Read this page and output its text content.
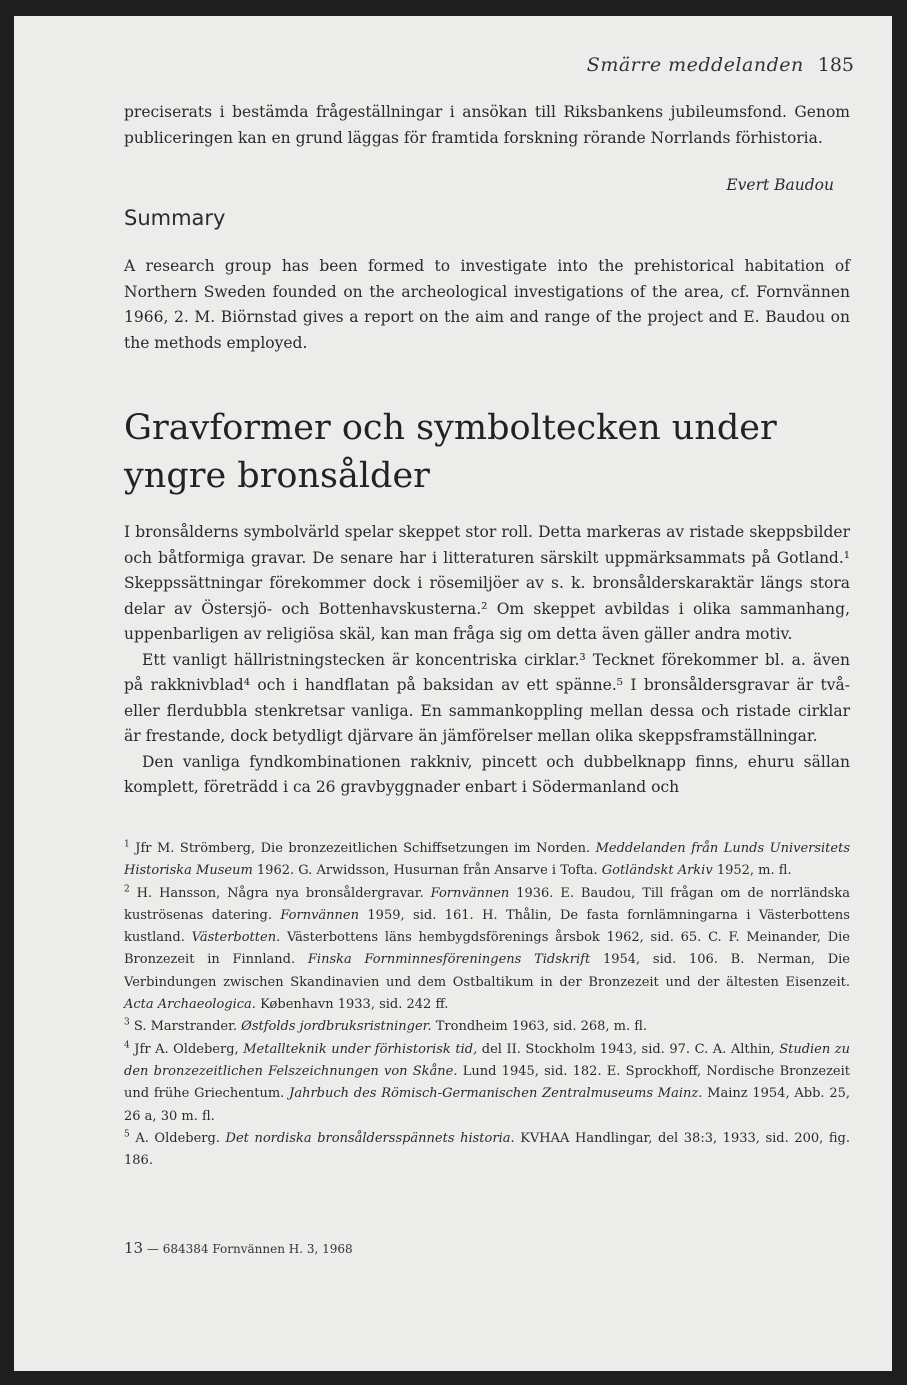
Smärre meddelanden 185

preciserats i bestämda frågeställningar i ansökan till Riksbankens jubileumsfond. Genom publiceringen kan en grund läggas för framtida forskning rörande Norrlands förhistoria.

Evert Baudou
Summary

A research group has been formed to investigate into the prehistorical habitation of Northern Sweden founded on the archeological investigations of the area, cf. Fornvännen 1966, 2. M. Biörnstad gives a report on the aim and range of the project and E. Baudou on the methods employed.

Gravformer och symboltecken under yngre bronsålder

I bronsålderns symbolvärld spelar skeppet stor roll. Detta markeras av ristade skeppsbilder och båtformiga gravar. De senare har i litteraturen särskilt uppmärksammats på Gotland.¹ Skeppssättningar förekommer dock i rösemiljöer av s. k. bronsålderskaraktär längs stora delar av Östersjö- och Bottenhavskusterna.² Om skeppet avbildas i olika sammanhang, uppenbarligen av religiösa skäl, kan man fråga sig om detta även gäller andra motiv.

Ett vanligt hällristningstecken är koncentriska cirklar.³ Tecknet förekommer bl. a. även på rakknivblad⁴ och i handflatan på baksidan av ett spänne.⁵ I bronsåldersgravar är två- eller flerdubbla stenkretsar vanliga. En sammankoppling mellan dessa och ristade cirklar är frestande, dock betydligt djärvare än jämförelser mellan olika skeppsframställningar.

Den vanliga fyndkombinationen rakkniv, pincett och dubbelknapp finns, ehuru sällan komplett, företrädd i ca 26 gravbyggnader enbart i Södermanland och

$^1$ Jfr M. Strömberg, Die bronzezeitlichen Schiffsetzungen im Norden. Meddelanden från Lunds Universitets Historiska Museum 1962. G. Arwidsson, Husurnan från Ansarve i Tofta. Gotländskt Arkiv 1952, m. fl.

$^2$ H. Hansson, Några nya bronsåldergravar. Fornvännen 1936. E. Baudou, Till frågan om de norrländska kuströsenas datering. Fornvännen 1959, sid. 161. H. Thålin, De fasta fornlämningarna i Västerbottens kustland. Västerbotten. Västerbottens läns hembygdsförenings årsbok 1962, sid. 65. C. F. Meinander, Die Bronzezeit in Finnland. Finska Fornminnesföreningens Tidskrift 1954, sid. 106. B. Nerman, Die Verbindungen zwischen Skandinavien und dem Ostbaltikum in der Bronzezeit und der ältesten Eisenzeit. Acta Archaeologica. København 1933, sid. 242 ff.

$^3$ S. Marstrander. Østfolds jordbruksristninger. Trondheim 1963, sid. 268, m. fl.

$^4$ Jfr A. Oldeberg, Metallteknik under förhistorisk tid, del II. Stockholm 1943, sid. 97. C. A. Althin, Studien zu den bronzezeitlichen Felszeichnungen von Skåne. Lund 1945, sid. 182. E. Sprockhoff, Nordische Bronzezeit und frühe Griechentum. Jahrbuch des Römisch-Germanischen Zentralmuseums Mainz. Mainz 1954, Abb. 25, 26 a, 30 m. fl.

$^5$ A. Oldeberg. Det nordiska bronsåldersspännets historia. KVHAA Handlingar, del 38:3, 1933, sid. 200, fig. 186.

13 — 684384 Fornvännen H. 3, 1968
